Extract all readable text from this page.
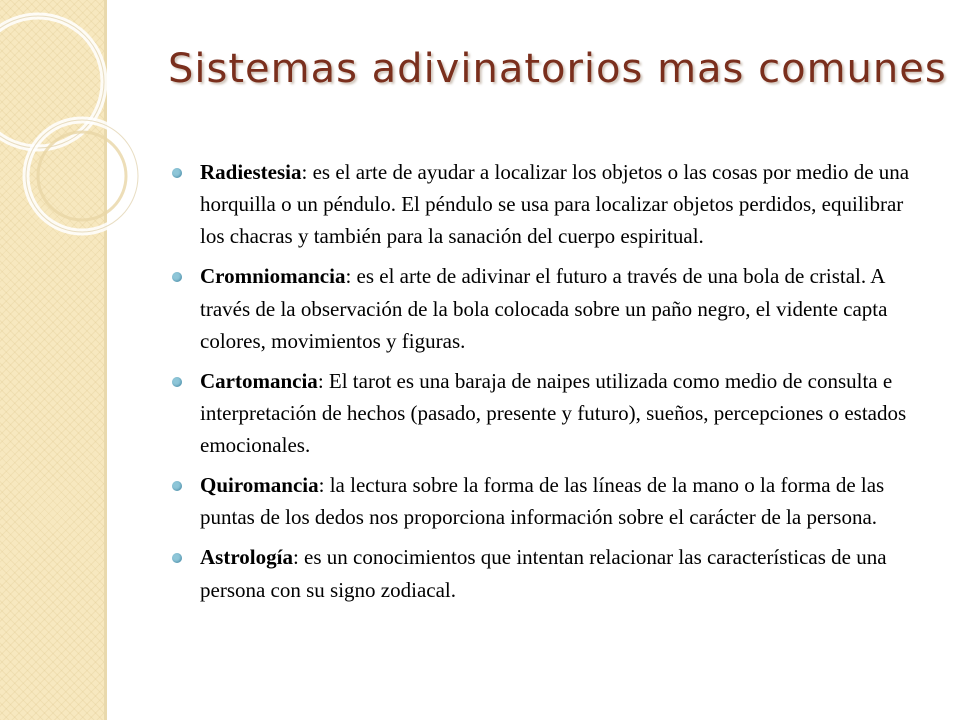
Sistemas adivinatorios mas comunes
Radiestesia: es el arte de ayudar a localizar los objetos o las cosas por medio de una horquilla o un péndulo. El péndulo se usa para localizar objetos perdidos, equilibrar los chacras y también para la sanación del cuerpo espiritual.
Cromniomancia: es el arte de adivinar el futuro a través de una bola de cristal. A través de la observación de la bola colocada sobre un paño negro, el vidente capta colores, movimientos y figuras.
Cartomancia: El tarot es una baraja de naipes utilizada como medio de consulta e interpretación de hechos (pasado, presente y futuro), sueños, percepciones o estados emocionales.
Quiromancia: la lectura sobre la forma de las líneas de la mano o la forma de las puntas de los dedos nos proporciona información sobre el carácter de la persona.
Astrología: es un conocimientos que intentan relacionar las características de una persona con su signo zodiacal.
